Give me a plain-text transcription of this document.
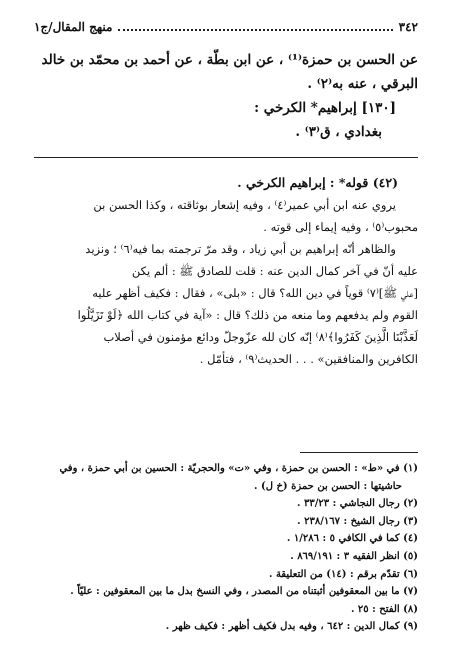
٣٤٢
منهج المقال/ج١

عن الحسن بن حمزة⁽¹⁾ ، عن ابن بطّة ، عن أحمد بن محمّد بن خالد

البرقي ، عنه به⁽٢⁾ .

[١٣٠] إبراهيم* الكرخي :

بغدادي ، ق⁽٣⁾ .

(٤٢) قوله* : إبراهيم الكرخي .

يروي عنه ابن أبي عمير⁽٤⁾ ، وفيه إشعار بوثاقته ، وكذا الحسن بن

محبوب⁽٥⁾ ، وفيه إيماء إلى قوته .

والظاهر أنّه إبراهيم بن أبي زياد ، وقد مرّ ترجمته بما فيه⁽٦⁾ ؛ ونزيد

عليه أنّ في آخر كمال الدين عنه : قلت للصادق ﷺ : ألم يكن

[علي ﷺ]⁽٧⁾ قوياً في دين الله؟ قال : «بلى» ، فقال : فكيف أظهر عليه

القوم ولم يدفعهم وما منعه من ذلك؟ قال : «آية في كتاب الله ﴿لَوْ تَزَيَّلُوا

لَعَذَّبْنَا الَّذِينَ كَفَرُوا﴾⁽٨⁾ إنّه كان لله عزّوجلّ ودائع مؤمنون في أصلاب

الكافرين والمنافقين» . . . الحديث⁽٩⁾ ، فتأمّل .

(١) في «ط» : الحسن بن حمزة ، وفي «ت» والحجريّة : الحسين بن أبي حمزة ، وفي

حاشيتها : الحسن بن حمزة (خ ل) .

(٢) رجال النجاشي : ٣٣/٢٣ .

(٣) رجال الشيخ : ٢٣٨/١٦٧ .

(٤) كما في الكافي ٥ : ١/٢٨٦ .

(٥) انظر الفقيه ٣ : ٨٦٩/١٩١ .

(٦) تقدّم برقم : (١٤) من التعليقة .

(٧) ما بين المعقوفين أثبتناه من المصدر ، وفي النسخ بدل ما بين المعقوفين : عليّاً .

(٨) الفتح : ٢٥ .

(٩) كمال الدين : ٦٤٢ ، وفيه بدل فكيف أظهر : فكيف ظهر .
